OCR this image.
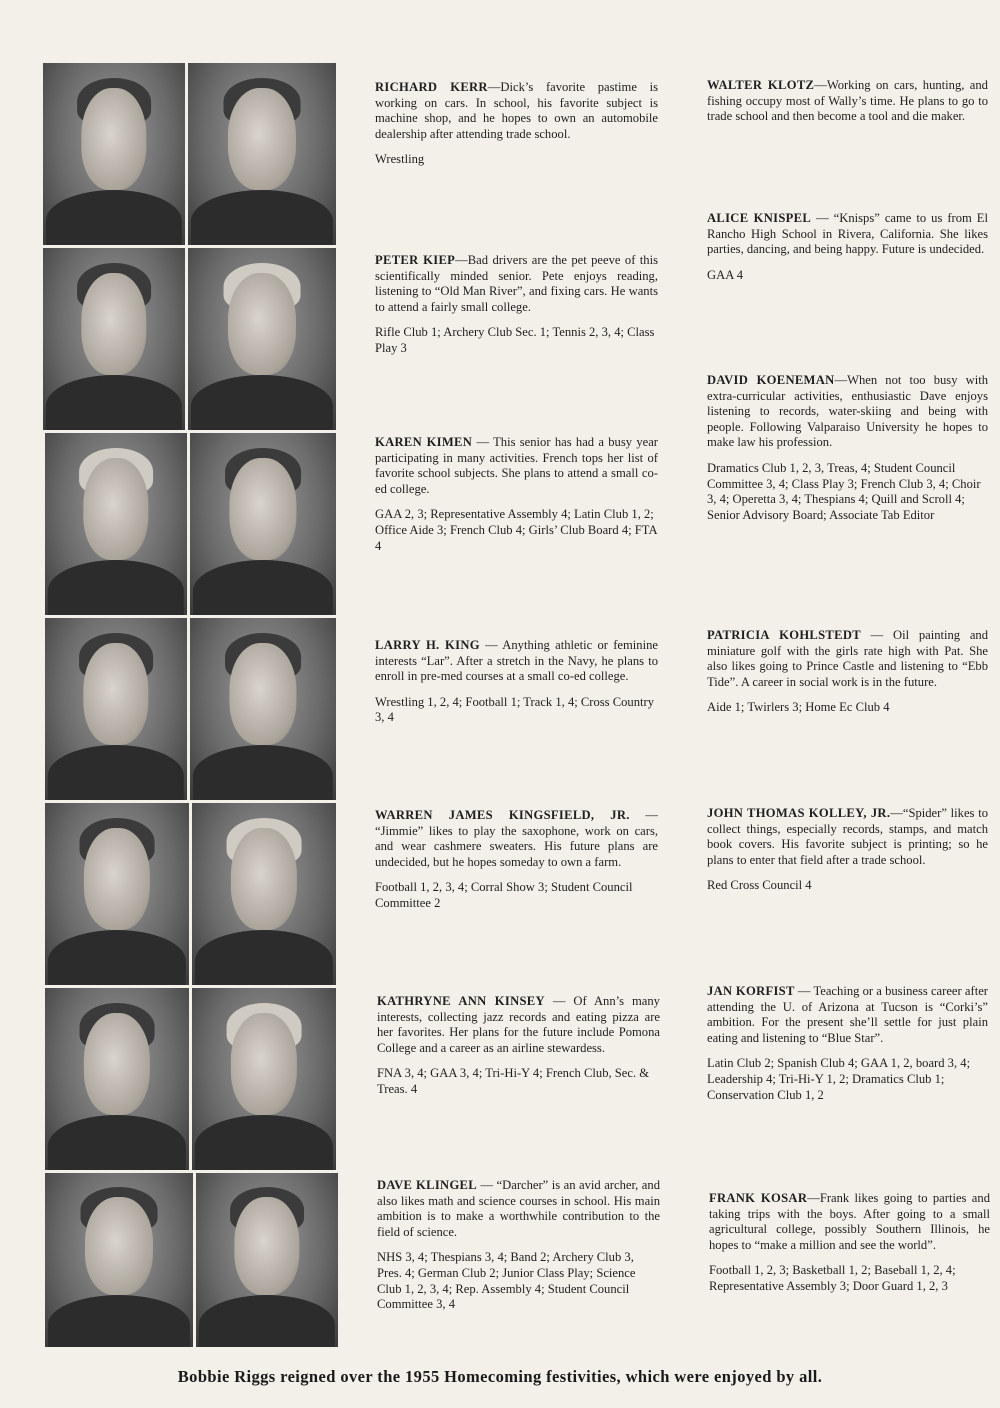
RICHARD KERR—Dick’s favorite pastime is working on cars. In school, his favorite subject is machine shop, and he hopes to own an automobile dealership after attending trade school.

Wrestling

PETER KIEP—Bad drivers are the pet peeve of this scientifically minded senior. Pete enjoys reading, listening to “Old Man River”, and fixing cars. He wants to attend a fairly small college.

Rifle Club 1; Archery Club Sec. 1; Tennis 2, 3, 4; Class Play 3

KAREN KIMEN — This senior has had a busy year participating in many activities. French tops her list of favorite school subjects. She plans to attend a small co-ed college.

GAA 2, 3; Representative Assembly 4; Latin Club 1, 2; Office Aide 3; French Club 4; Girls’ Club Board 4; FTA 4

LARRY H. KING — Anything athletic or feminine interests “Lar”. After a stretch in the Navy, he plans to enroll in pre-med courses at a small co-ed college.

Wrestling 1, 2, 4; Football 1; Track 1, 4; Cross Country 3, 4

WARREN JAMES KINGSFIELD, JR. — “Jimmie” likes to play the saxophone, work on cars, and wear cashmere sweaters. His future plans are undecided, but he hopes someday to own a farm.

Football 1, 2, 3, 4; Corral Show 3; Student Council Committee 2

KATHRYNE ANN KINSEY — Of Ann’s many interests, collecting jazz records and eating pizza are her favorites. Her plans for the future include Pomona College and a career as an airline stewardess.

FNA 3, 4; GAA 3, 4; Tri-Hi-Y 4; French Club, Sec. & Treas. 4

DAVE KLINGEL — “Darcher” is an avid archer, and also likes math and science courses in school. His main ambition is to make a worthwhile contribution to the field of science.

NHS 3, 4; Thespians 3, 4; Band 2; Archery Club 3, Pres. 4; German Club 2; Junior Class Play; Science Club 1, 2, 3, 4; Rep. Assembly 4; Student Council Committee 3, 4

WALTER KLOTZ—Working on cars, hunting, and fishing occupy most of Wally’s time. He plans to go to trade school and then become a tool and die maker.

ALICE KNISPEL — “Knisps” came to us from El Rancho High School in Rivera, California. She likes parties, dancing, and being happy. Future is undecided.

GAA 4

DAVID KOENEMAN—When not too busy with extra-curricular activities, enthusiastic Dave enjoys listening to records, water-skiing and being with people. Following Valparaiso University he hopes to make law his profession.

Dramatics Club 1, 2, 3, Treas, 4; Student Council Committee 3, 4; Class Play 3; French Club 3, 4; Choir 3, 4; Operetta 3, 4; Thespians 4; Quill and Scroll 4; Senior Advisory Board; Associate Tab Editor

PATRICIA KOHLSTEDT — Oil painting and miniature golf with the girls rate high with Pat. She also likes going to Prince Castle and listening to “Ebb Tide”. A career in social work is in the future.

Aide 1; Twirlers 3; Home Ec Club 4

JOHN THOMAS KOLLEY, JR.—“Spider” likes to collect things, especially records, stamps, and match book covers. His favorite subject is printing; so he plans to enter that field after a trade school.

Red Cross Council 4

JAN KORFIST — Teaching or a business career after attending the U. of Arizona at Tucson is “Corki’s” ambition. For the present she’ll settle for just plain eating and listening to “Blue Star”.

Latin Club 2; Spanish Club 4; GAA 1, 2, board 3, 4; Leadership 4; Tri-Hi-Y 1, 2; Dramatics Club 1; Conservation Club 1, 2

FRANK KOSAR—Frank likes going to parties and taking trips with the boys. After going to a small agricultural college, possibly Southern Illinois, he hopes to “make a million and see the world”.

Football 1, 2, 3; Basketball 1, 2; Baseball 1, 2, 4; Representative Assembly 3; Door Guard 1, 2, 3

Bobbie Riggs reigned over the 1955 Homecoming festivities, which were enjoyed by all.
